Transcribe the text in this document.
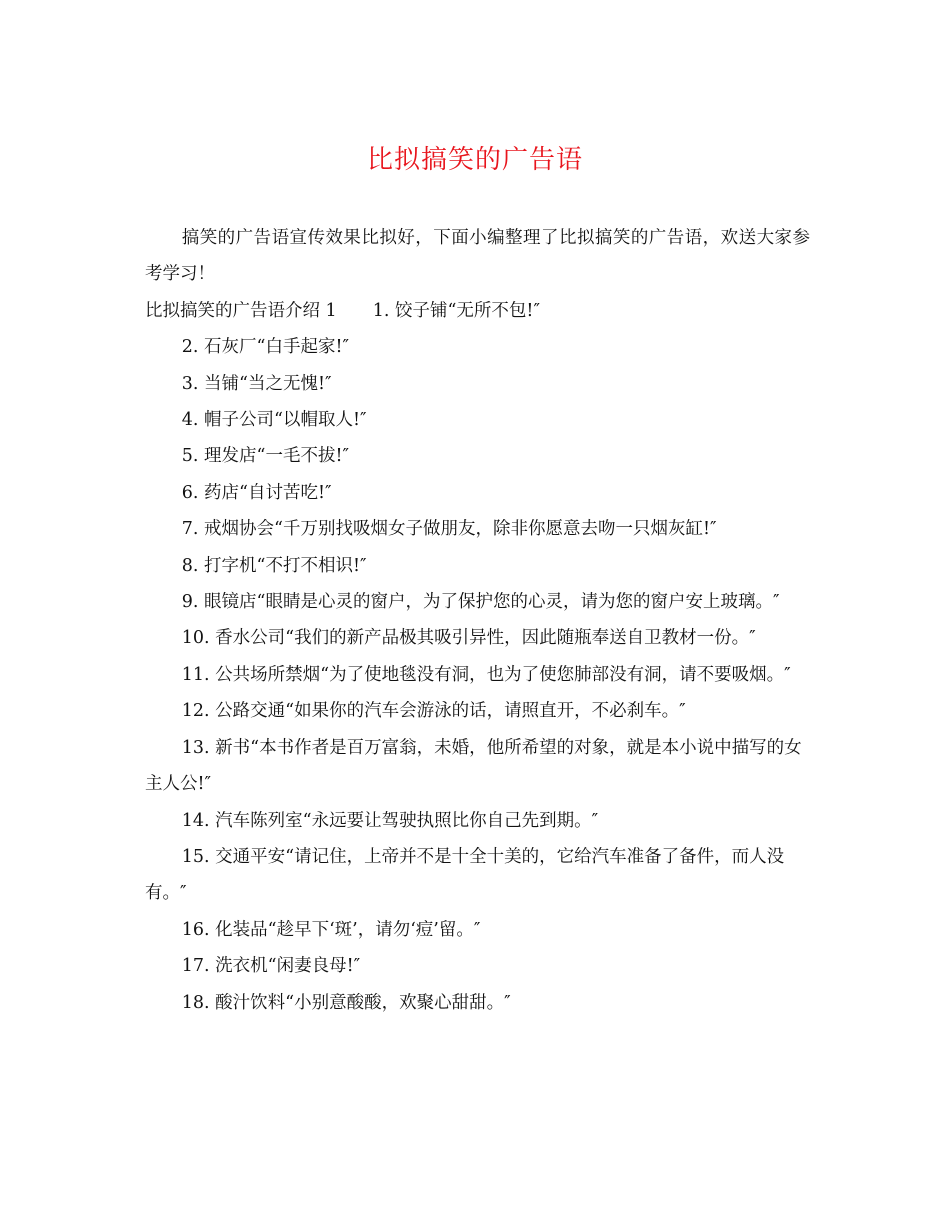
比拟搞笑的广告语

搞笑的广告语宣传效果比拟好，下面小编整理了比拟搞笑的广告语，欢送大家参考学习！

比拟搞笑的广告语介绍 1 1. 饺子铺“无所不包!″

2. 石灰厂“白手起家!″

3. 当铺“当之无愧!″

4. 帽子公司“以帽取人!″

5. 理发店“一毛不拔!″

6. 药店“自讨苦吃!″

7. 戒烟协会“千万别找吸烟女子做朋友，除非你愿意去吻一只烟灰缸!″

8. 打字机“不打不相识!″

9. 眼镜店“眼睛是心灵的窗户，为了保护您的心灵，请为您的窗户安上玻璃。″

10. 香水公司“我们的新产品极其吸引异性，因此随瓶奉送自卫教材一份。″

11. 公共场所禁烟“为了使地毯没有洞，也为了使您肺部没有洞，请不要吸烟。″

12. 公路交通“如果你的汽车会游泳的话，请照直开，不必刹车。″

13. 新书“本书作者是百万富翁，未婚，他所希望的对象，就是本小说中描写的女主人公!″

14. 汽车陈列室“永远要让驾驶执照比你自己先到期。″

15. 交通平安“请记住，上帝并不是十全十美的，它给汽车准备了备件，而人没有。″

16. 化装品“趁早下‘斑’，请勿‘痘’留。″

17. 洗衣机“闲妻良母!″

18. 酸汁饮料“小别意酸酸，欢聚心甜甜。″
